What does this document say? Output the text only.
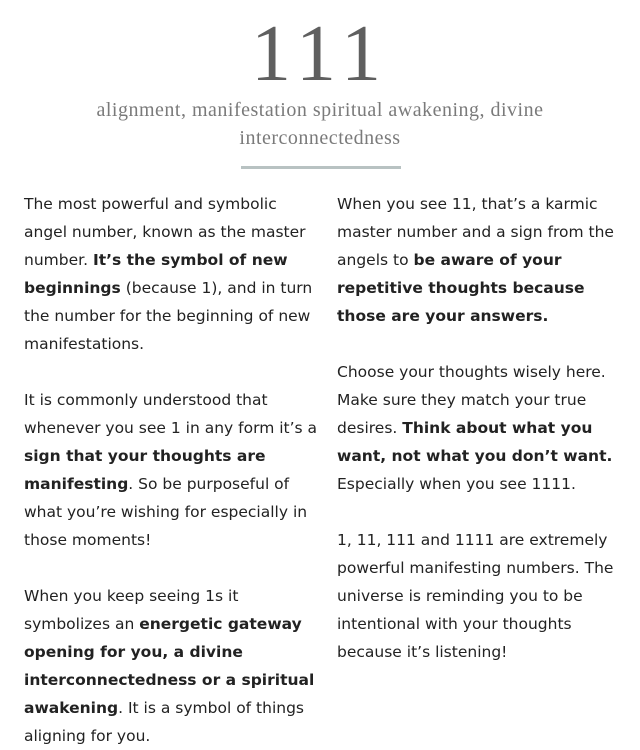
111
alignment, manifestation spiritual awakening, divine interconnectedness

The most powerful and symbolic angel number, known as the master number. It’s the symbol of new beginnings (because 1), and in turn the number for the beginning of new manifestations.

It is commonly understood that whenever you see 1 in any form it’s a sign that your thoughts are manifesting. So be purposeful of what you’re wishing for especially in those moments!

When you keep seeing 1s it symbolizes an energetic gateway opening for you, a divine interconnectedness or a spiritual awakening. It is a symbol of things aligning for you.

When you see 11, that’s a karmic master number and a sign from the angels to be aware of your repetitive thoughts because those are your answers.

Choose your thoughts wisely here. Make sure they match your true desires. Think about what you want, not what you don’t want. Especially when you see 1111.

1, 11, 111 and 1111 are extremely powerful manifesting numbers. The universe is reminding you to be intentional with your thoughts because it’s listening!
